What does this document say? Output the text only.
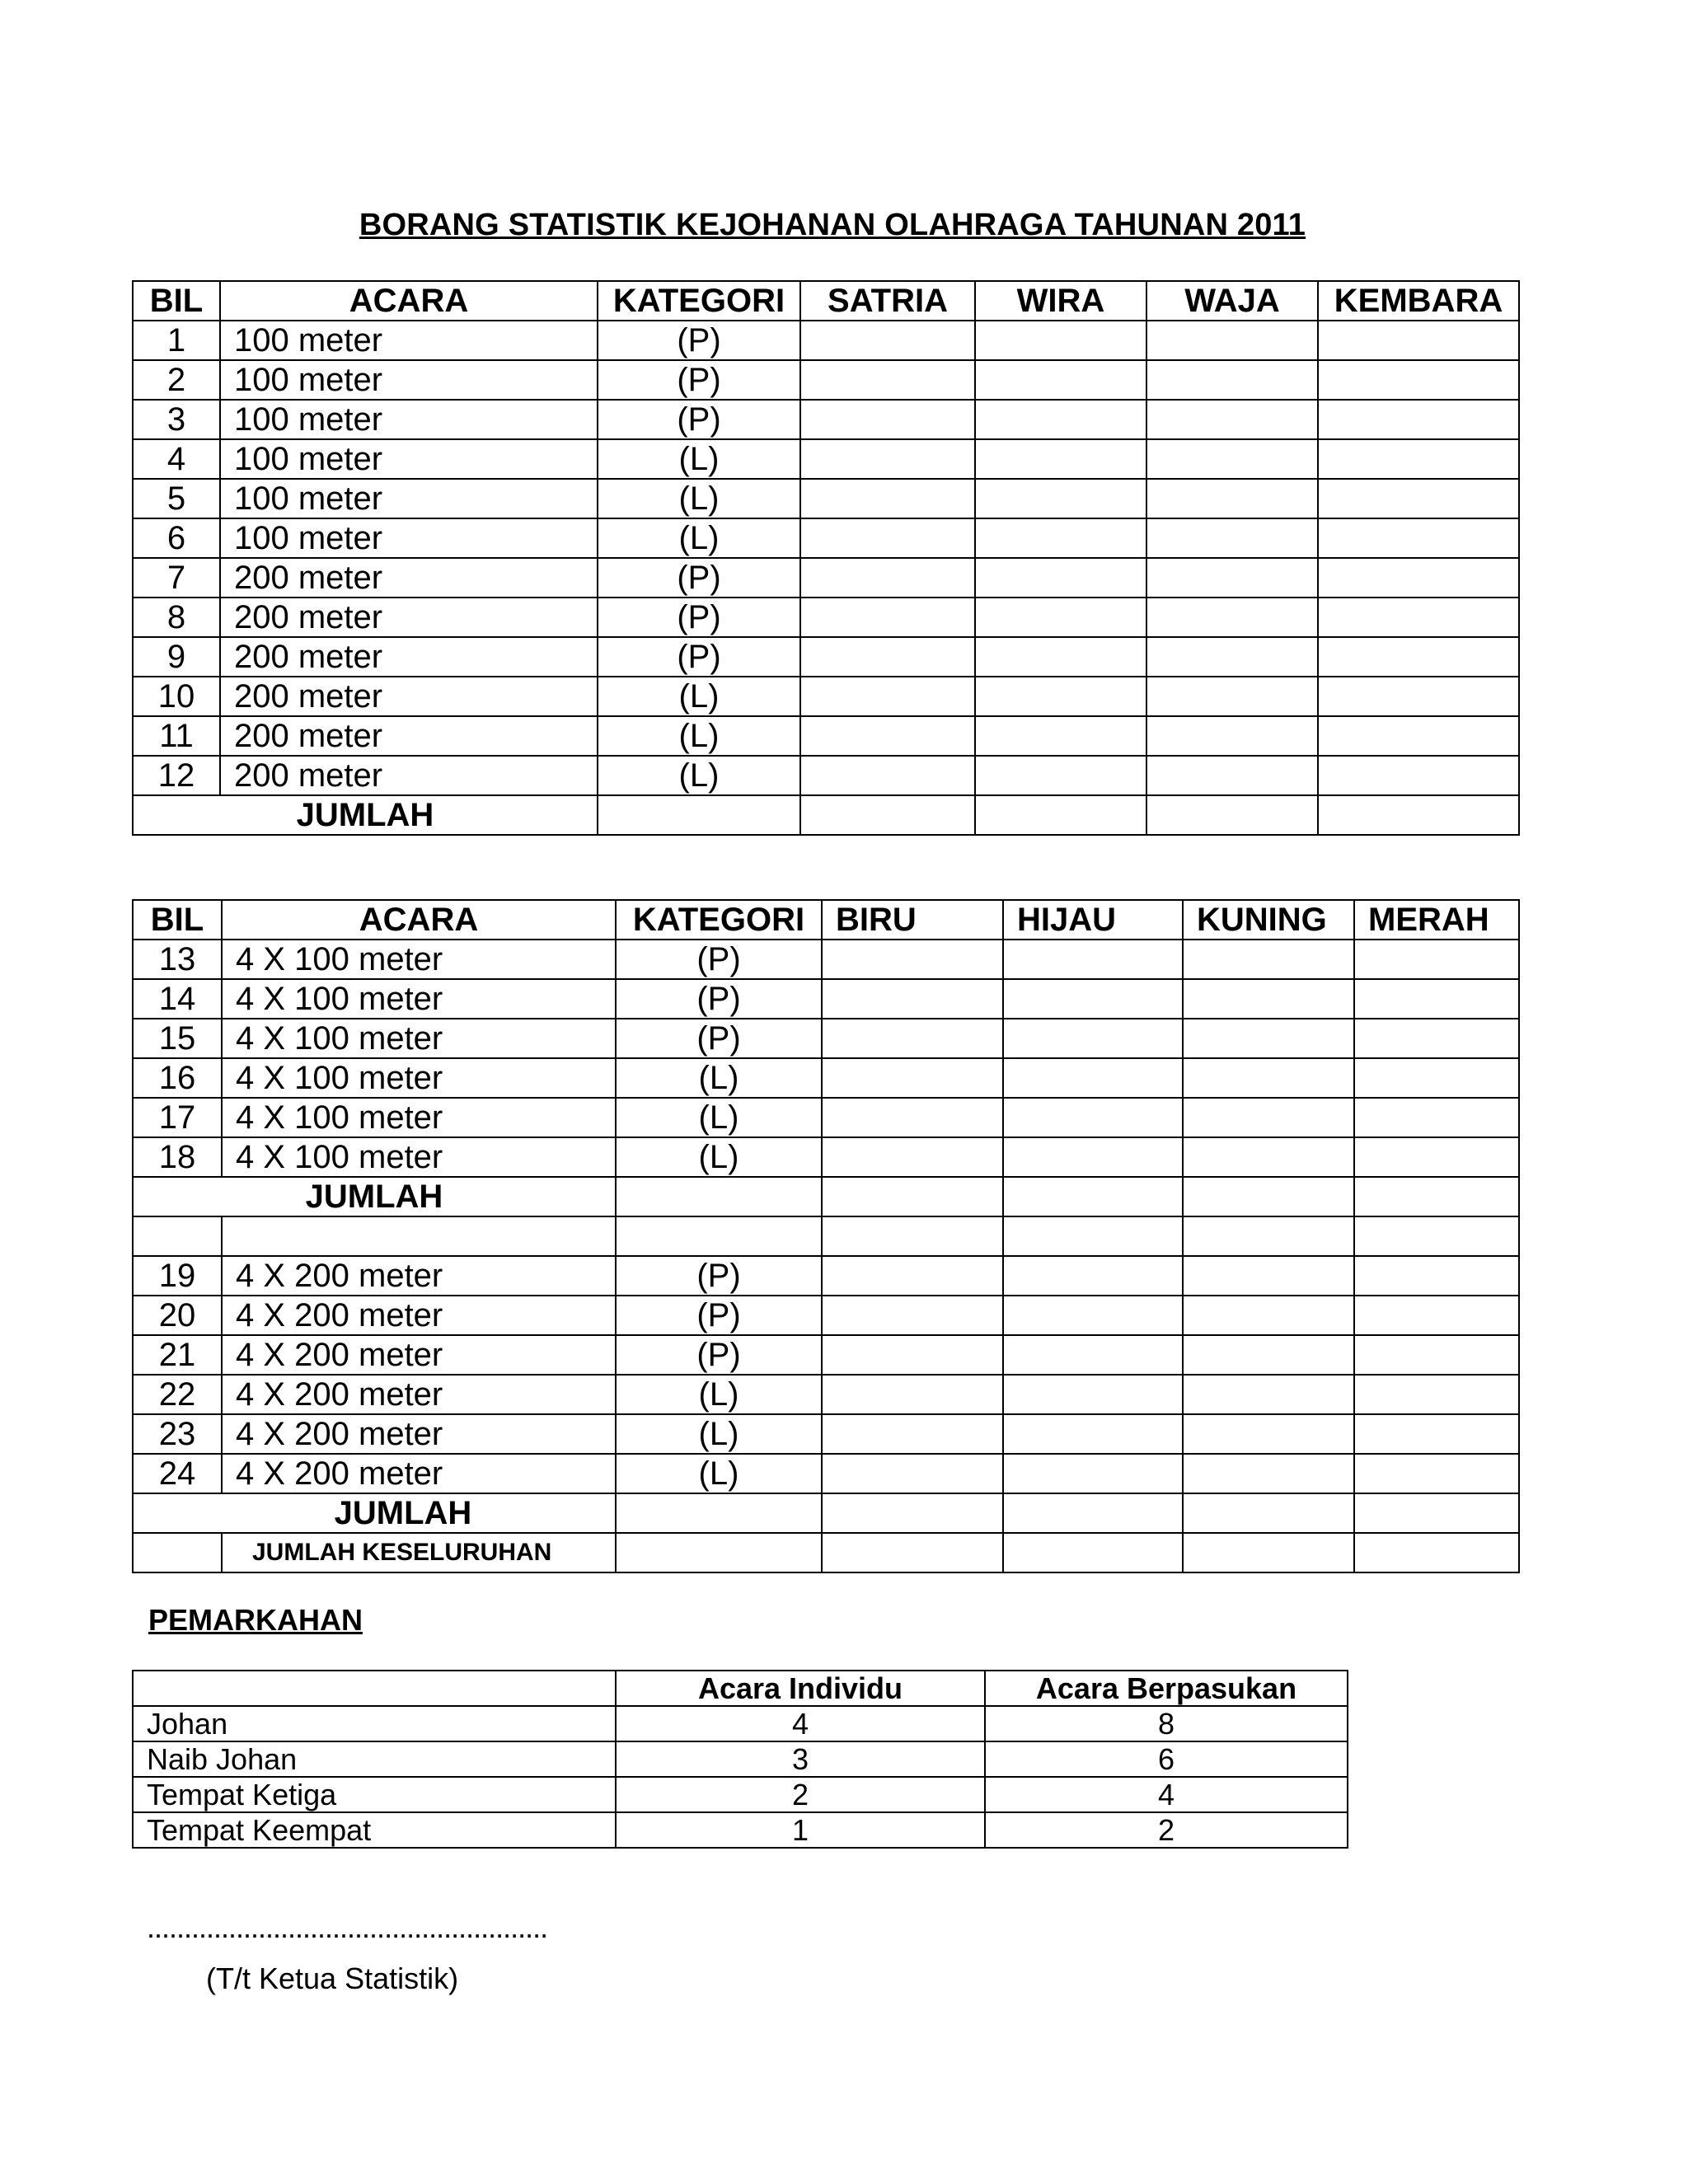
BORANG STATISTIK KEJOHANAN OLAHRAGA TAHUNAN 2011
BIL	ACARA	KATEGORI	SATRIA	WIRA	WAJA	KEMBARA
1	100 meter	(P)				
2	100 meter	(P)				
3	100 meter	(P)				
4	100 meter	(L)				
5	100 meter	(L)				
6	100 meter	(L)				
7	200 meter	(P)				
8	200 meter	(P)				
9	200 meter	(P)				
10	200 meter	(L)				
11	200 meter	(L)				
12	200 meter	(L)				
JUMLAH						
BIL	ACARA	KATEGORI	BIRU	HIJAU	KUNING	MERAH
13	4 X 100 meter	(P)				
14	4 X 100 meter	(P)				
15	4 X 100 meter	(P)				
16	4 X 100 meter	(L)				
17	4 X 100 meter	(L)				
18	4 X 100 meter	(L)				
JUMLAH						

19	4 X 200 meter	(P)				
20	4 X 200 meter	(P)				
21	4 X 200 meter	(P)				
22	4 X 200 meter	(L)				
23	4 X 200 meter	(L)				
24	4 X 200 meter	(L)				
JUMLAH						
	JUMLAH KESELURUHAN					
PEMARKAHAN
	Acara Individu	Acara Berpasukan
Johan	4	8
Naib Johan	3	6
Tempat Ketiga	2	4
Tempat Keempat	1	2
......................................................
(T/t Ketua Statistik)
